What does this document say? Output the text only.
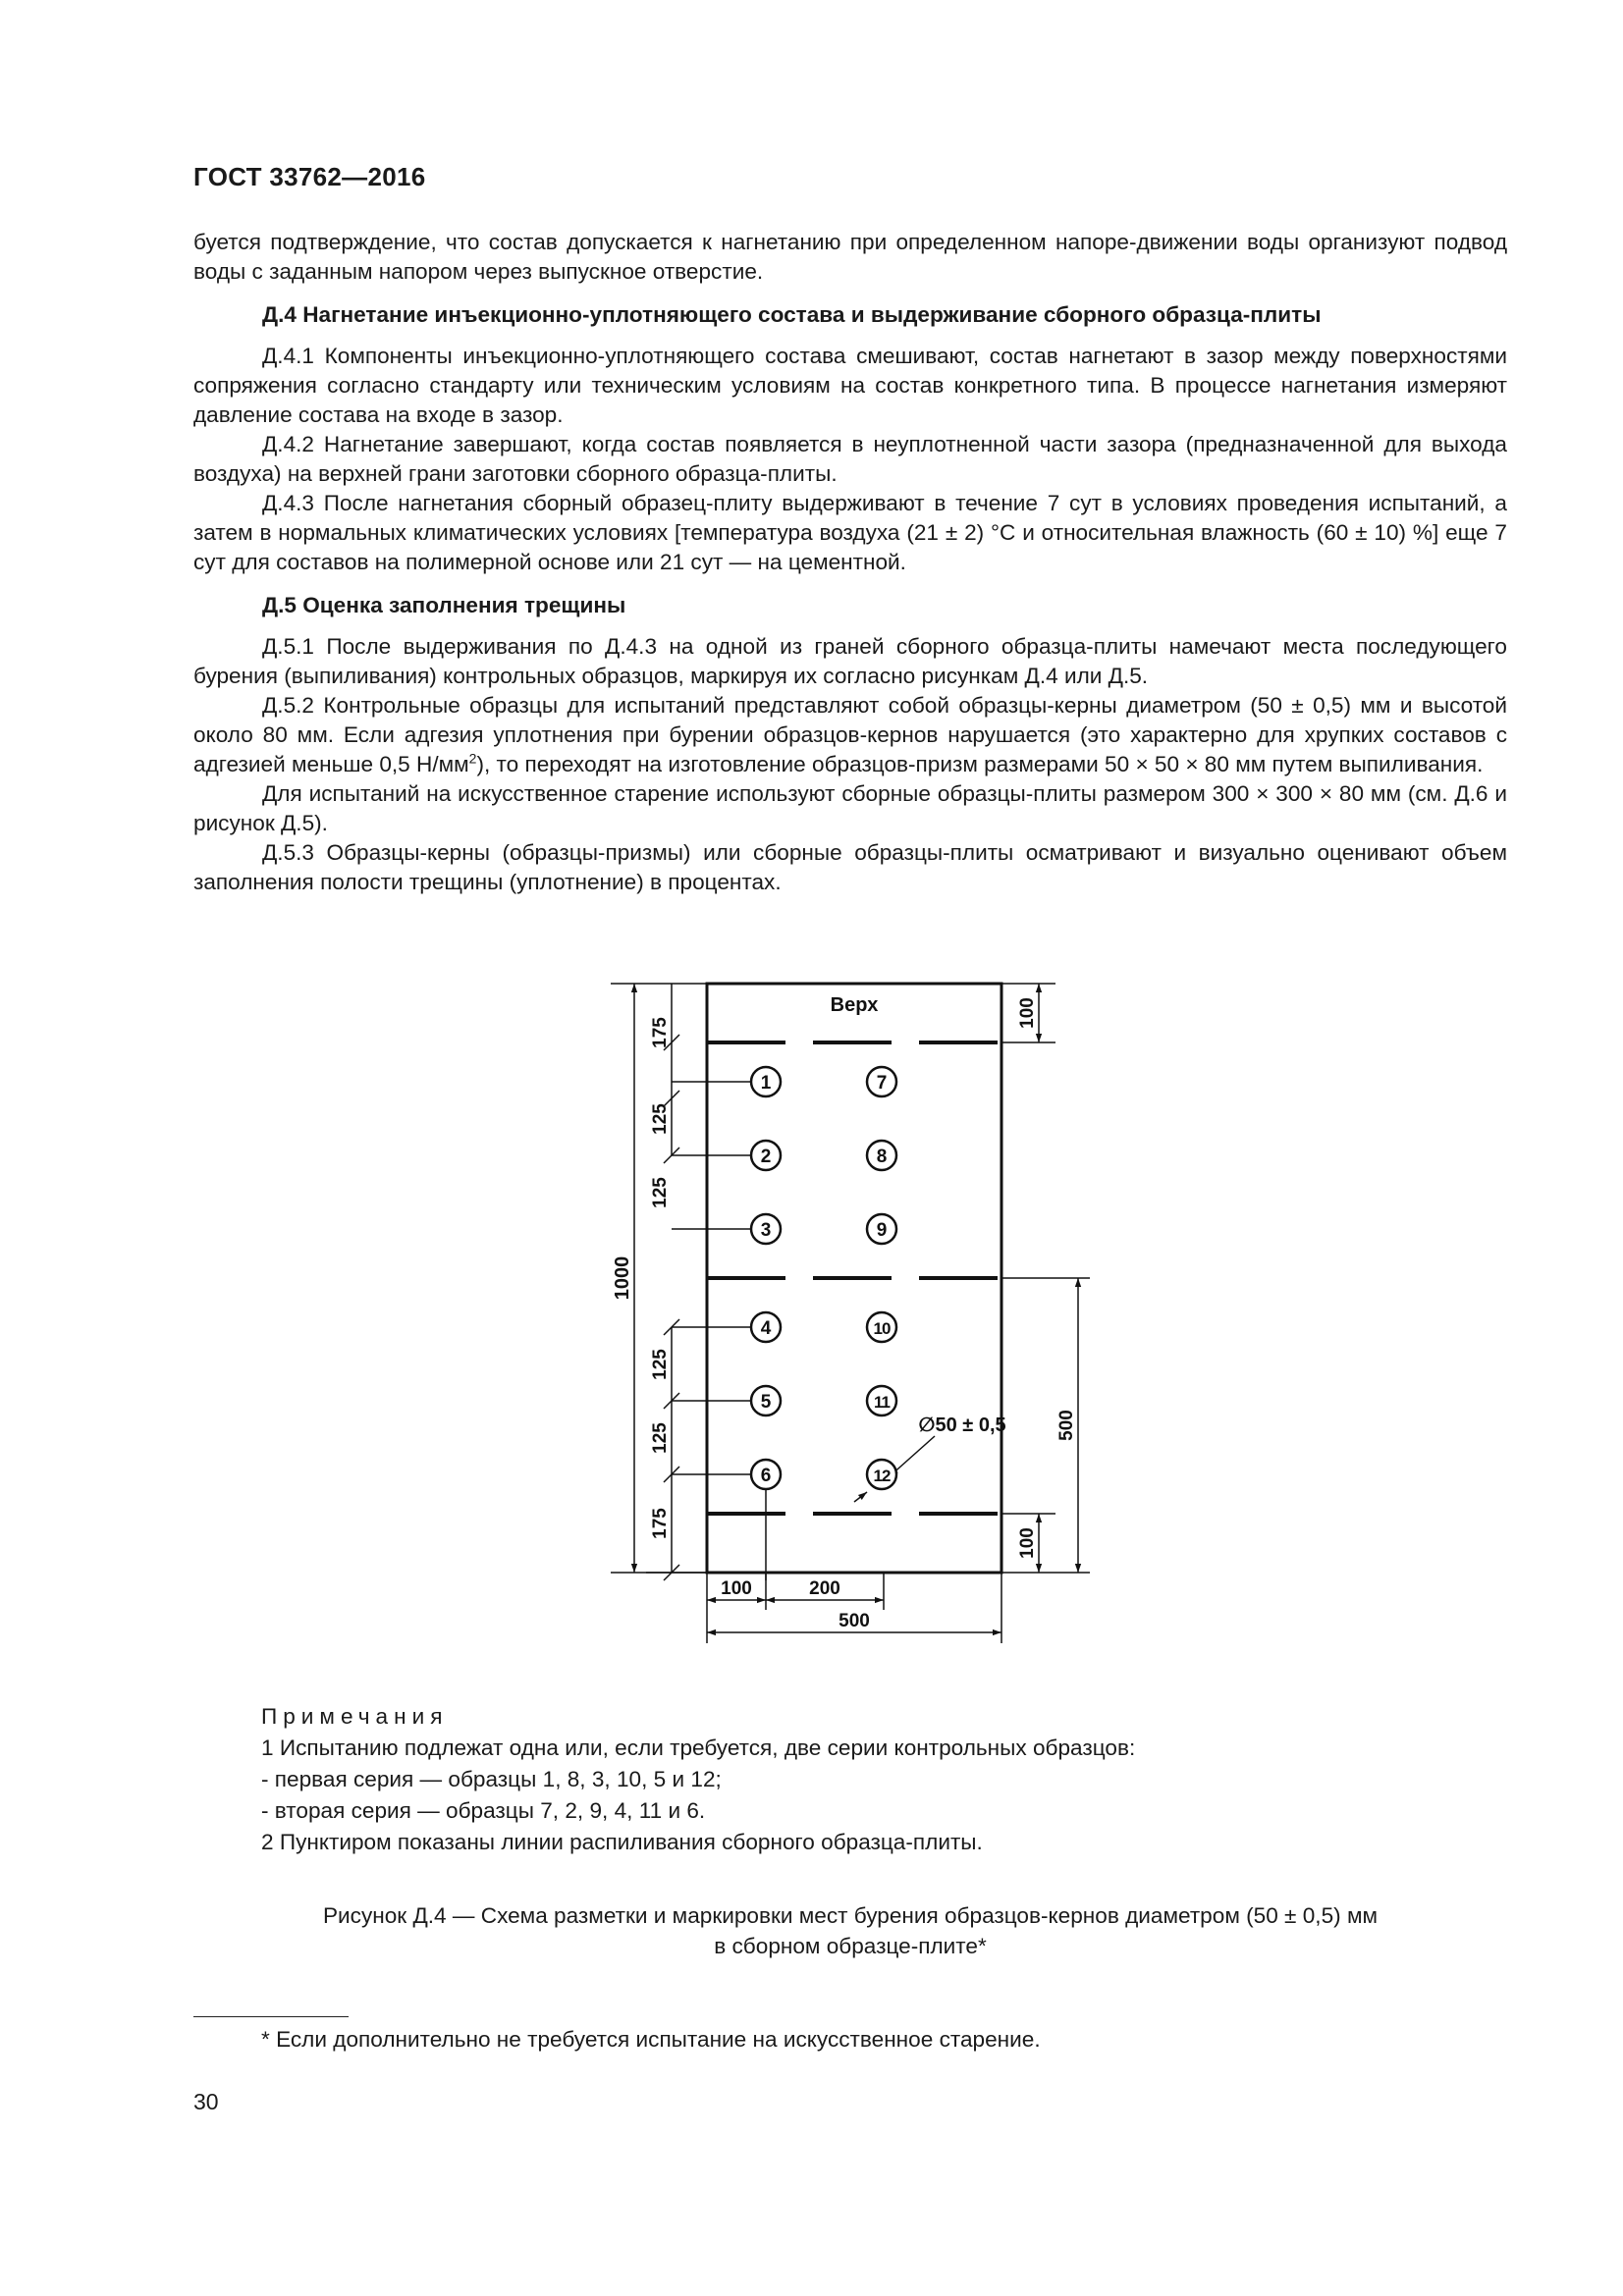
ГОСТ 33762—2016

буется подтверждение, что состав допускается к нагнетанию при определенном напоре-движении воды организуют подвод воды с заданным напором через выпускное отверстие.

Д.4 Нагнетание инъекционно-уплотняющего состава и выдерживание сборного образца-плиты

Д.4.1 Компоненты инъекционно-уплотняющего состава смешивают, состав нагнетают в зазор между поверхностями сопряжения согласно стандарту или техническим условиям на состав конкретного типа. В процессе нагнетания измеряют давление состава на входе в зазор.

Д.4.2 Нагнетание завершают, когда состав появляется в неуплотненной части зазора (предназначенной для выхода воздуха) на верхней грани заготовки сборного образца-плиты.

Д.4.3 После нагнетания сборный образец-плиту выдерживают в течение 7 сут в условиях проведения испытаний, а затем в нормальных климатических условиях [температура воздуха (21 ± 2) °С и относительная влажность (60 ± 10) %] еще 7 сут для составов на полимерной основе или 21 сут — на цементной.

Д.5 Оценка заполнения трещины

Д.5.1 После выдерживания по Д.4.3 на одной из граней сборного образца-плиты намечают места последующего бурения (выпиливания) контрольных образцов, маркируя их согласно рисункам Д.4 или Д.5.

Д.5.2 Контрольные образцы для испытаний представляют собой образцы-керны диаметром (50 ± 0,5) мм и высотой около 80 мм. Если адгезия уплотнения при бурении образцов-кернов нарушается (это характерно для хрупких составов с адгезией меньше 0,5 $Н/мм^2$), то переходят на изготовление образцов-призм размерами 50 × 50 × 80 мм путем выпиливания.

Для испытаний на искусственное старение используют сборные образцы-плиты размером 300 × 300 × 80 мм (см. Д.6 и рисунок Д.5).

Д.5.3 Образцы-керны (образцы-призмы) или сборные образцы-плиты осматривают и визуально оценивают объем заполнения полости трещины (уплотнение) в процентах.

Верх
1000
175
125
125
125
125
175
100
100
500
100	200
500
∅50 ± 0,5
1
2
3
4
5
6
7
8
9
10
11
12
Примечания
1 Испытанию подлежат одна или, если требуется, две серии контрольных образцов:
- первая серия — образцы 1, 8, 3, 10, 5 и 12;
- вторая серия — образцы 7, 2, 9, 4, 11 и 6.
2 Пунктиром показаны линии распиливания сборного образца-плиты.
Рисунок Д.4 — Схема разметки и маркировки мест бурения образцов-кернов диаметром (50 ± 0,5) мм
в сборном образце-плите*
* Если дополнительно не требуется испытание на искусственное старение.
30
